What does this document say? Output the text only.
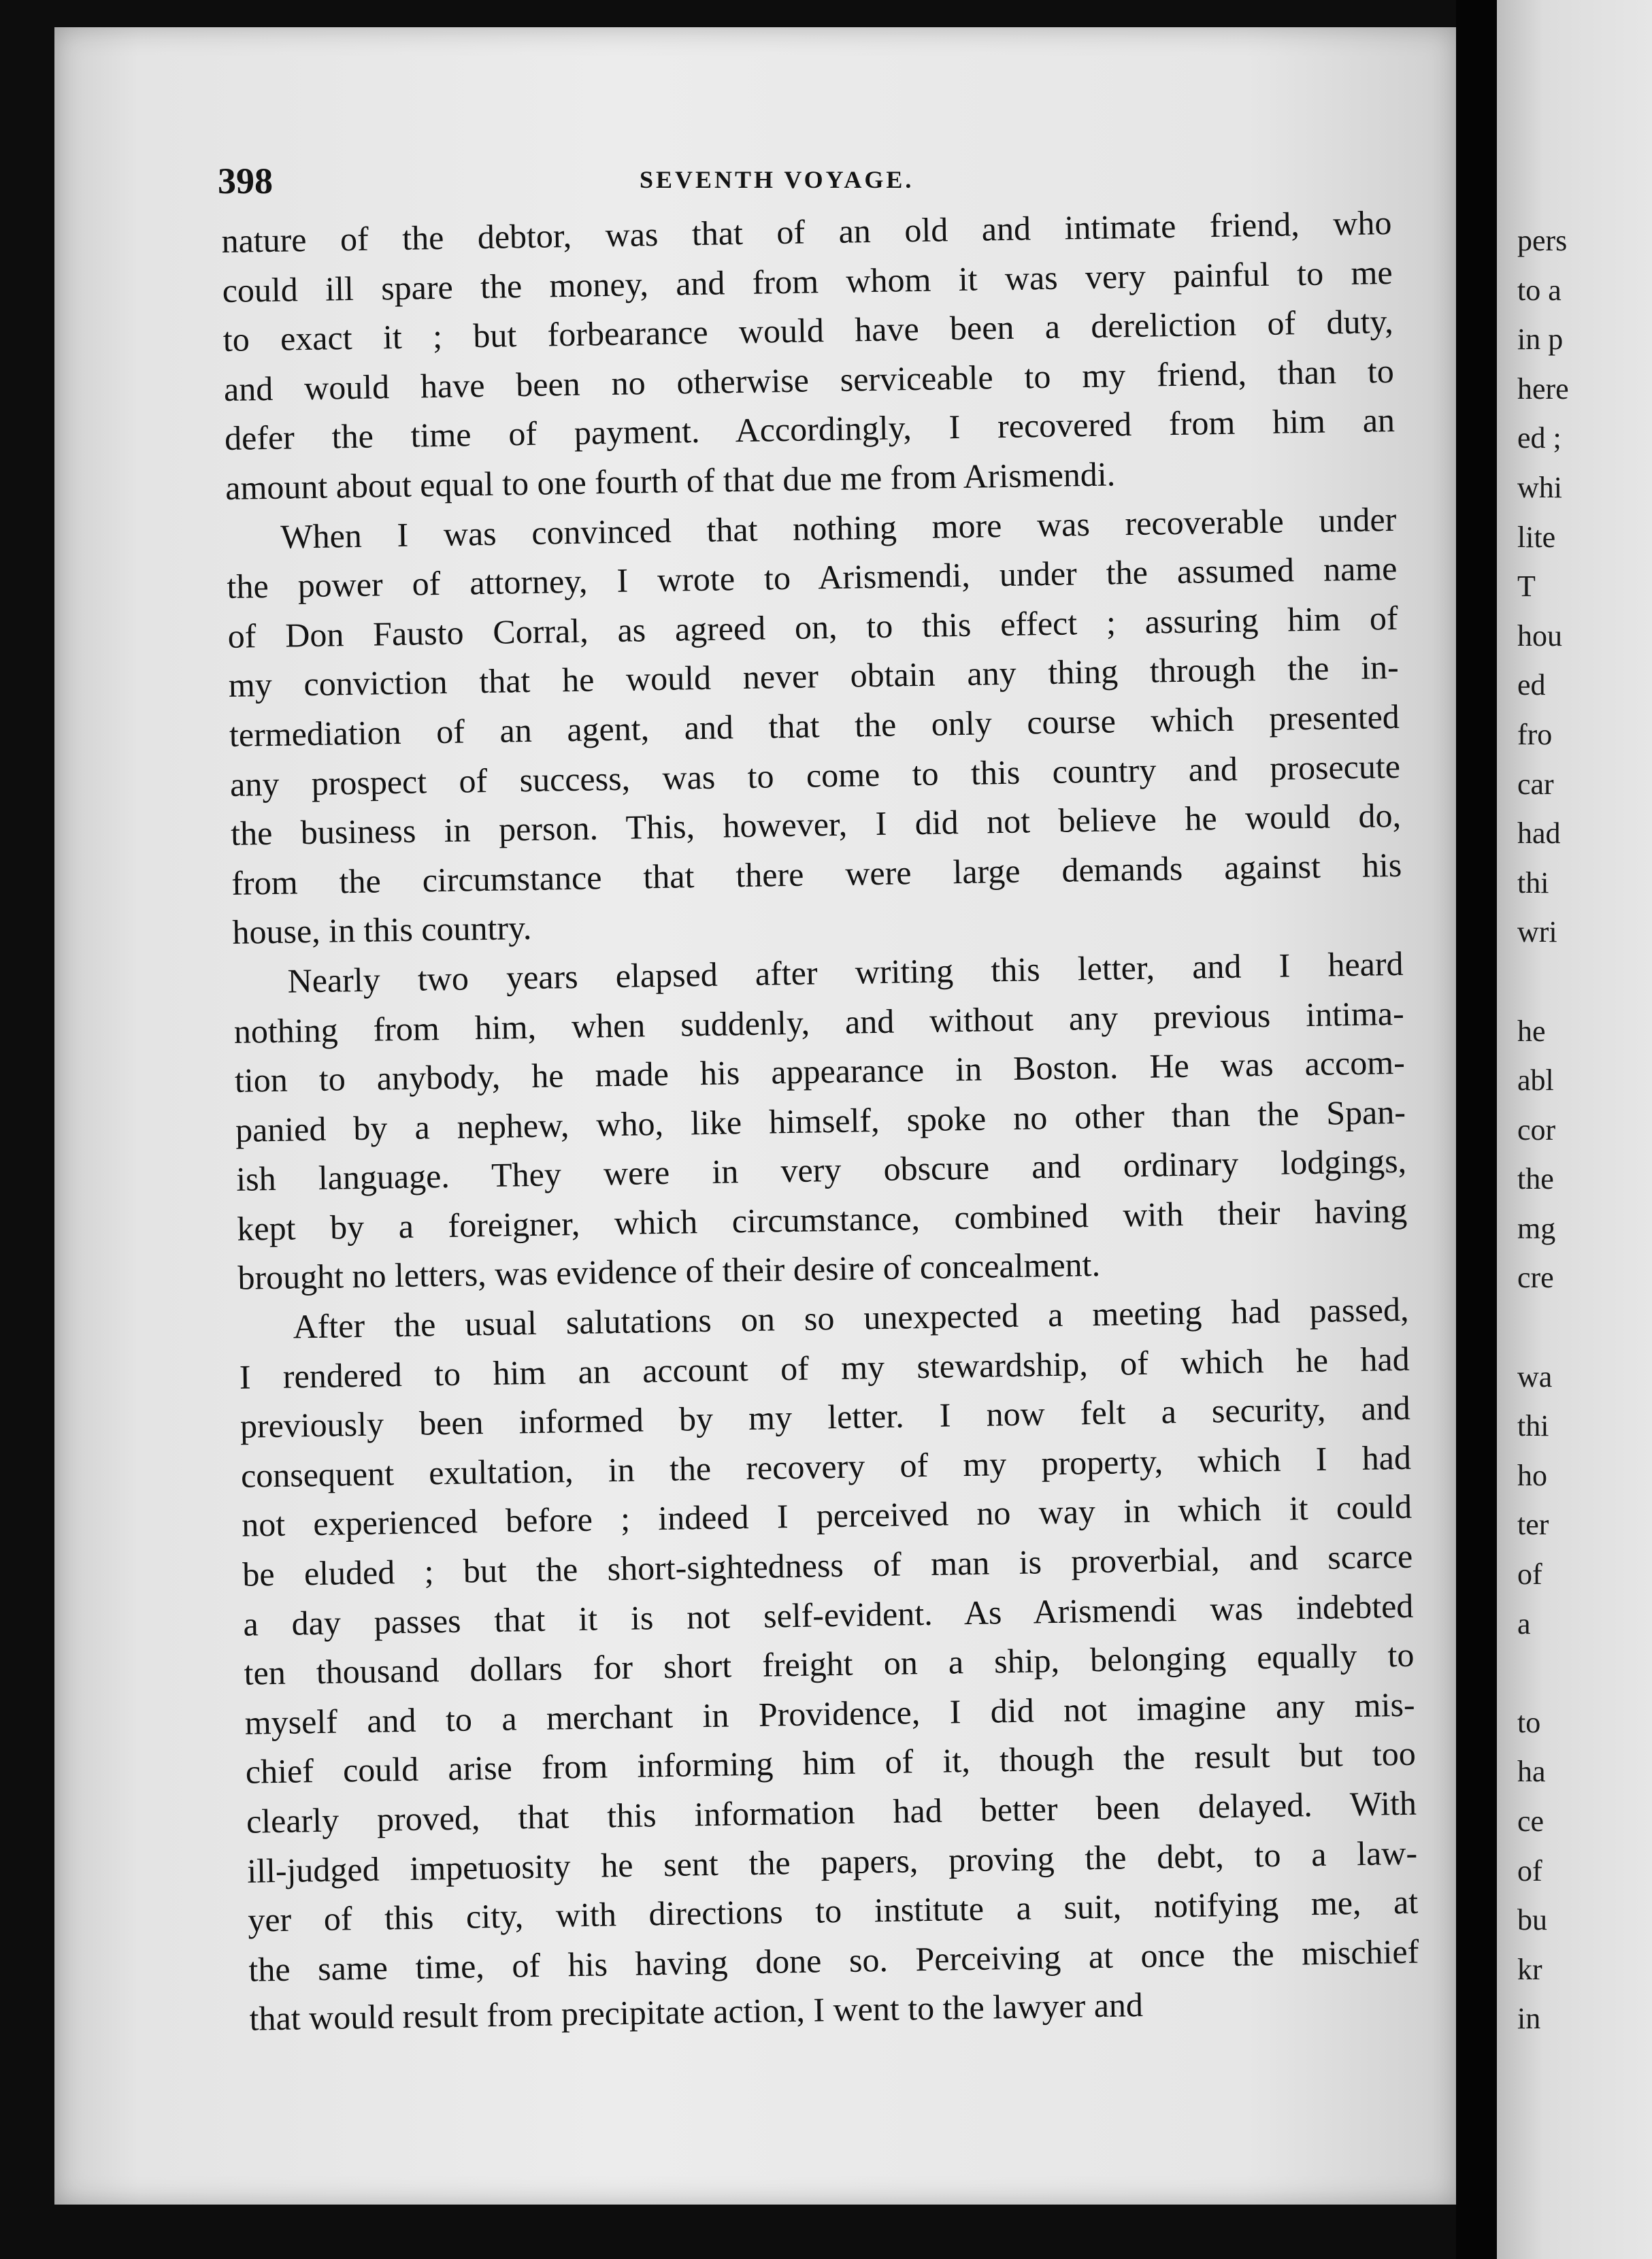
pers
to a
in p
here
ed ;
whi
lite
T
hou
ed
fro
car
had
thi
wri

he
abl
cor
the
mg
cre

wa
thi
ho
ter
of
a

to
ha
ce
of
bu
kr
in
398	SEVENTH VOYAGE.
nature of the debtor, was that of an old and intimate friend, who
could ill spare the money, and from whom it was very painful to me
to exact it ; but forbearance would have been a dereliction of duty,
and would have been no otherwise serviceable to my friend, than to
defer the time of payment. Accordingly, I recovered from him an
amount about equal to one fourth of that due me from Arismendi.
When I was convinced that nothing more was recoverable under
the power of attorney, I wrote to Arismendi, under the assumed name
of Don Fausto Corral, as agreed on, to this effect ; assuring him of
my conviction that he would never obtain any thing through the in-
termediation of an agent, and that the only course which presented
any prospect of success, was to come to this country and prosecute
the business in person. This, however, I did not believe he would do,
from the circumstance that there were large demands against his
house, in this country.
Nearly two years elapsed after writing this letter, and I heard
nothing from him, when suddenly, and without any previous intima-
tion to anybody, he made his appearance in Boston. He was accom-
panied by a nephew, who, like himself, spoke no other than the Span-
ish language. They were in very obscure and ordinary lodgings,
kept by a foreigner, which circumstance, combined with their having
brought no letters, was evidence of their desire of concealment.
After the usual salutations on so unexpected a meeting had passed,
I rendered to him an account of my stewardship, of which he had
previously been informed by my letter. I now felt a security, and
consequent exultation, in the recovery of my property, which I had
not experienced before ; indeed I perceived no way in which it could
be eluded ; but the short-sightedness of man is proverbial, and scarce
a day passes that it is not self-evident. As Arismendi was indebted
ten thousand dollars for short freight on a ship, belonging equally to
myself and to a merchant in Providence, I did not imagine any mis-
chief could arise from informing him of it, though the result but too
clearly proved, that this information had better been delayed. With
ill-judged impetuosity he sent the papers, proving the debt, to a law-
yer of this city, with directions to institute a suit, notifying me, at
the same time, of his having done so. Perceiving at once the mischief
that would result from precipitate action, I went to the lawyer and
